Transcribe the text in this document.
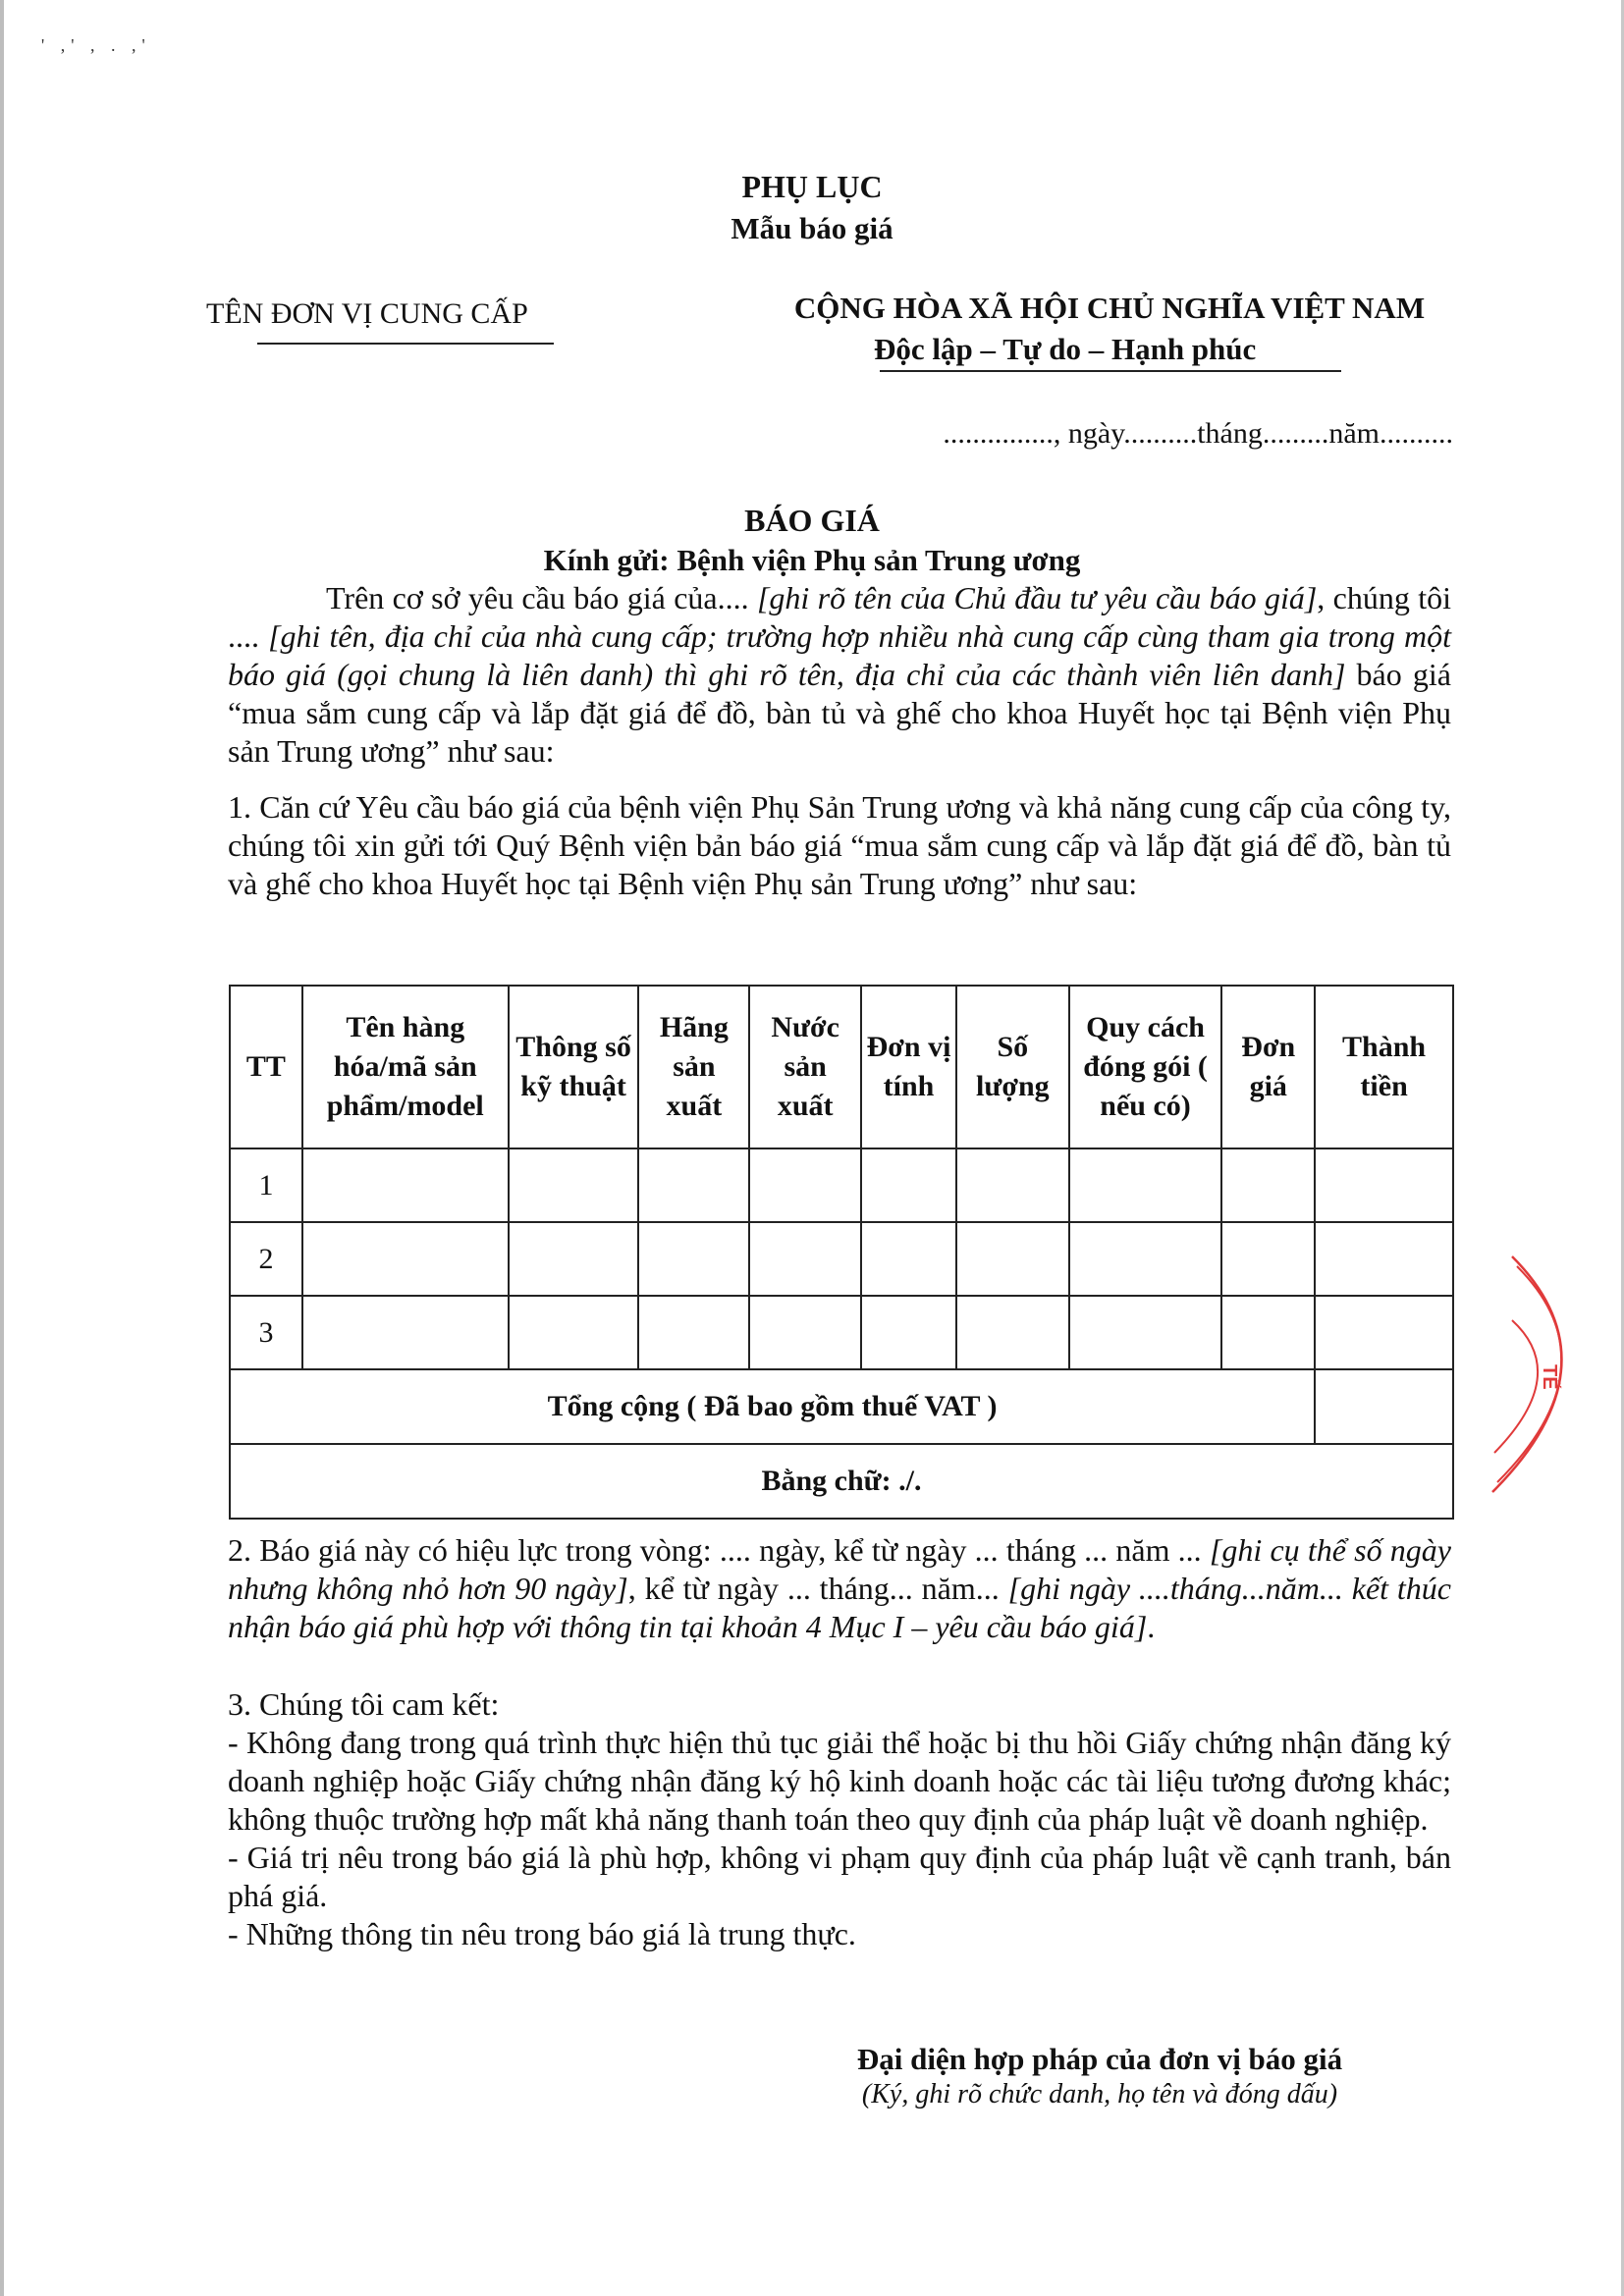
' ,' , . ,'
PHỤ LỤC
Mẫu báo giá
TÊN ĐƠN VỊ CUNG CẤP	CỘNG HÒA XÃ HỘI CHỦ NGHĨA VIỆT NAM
Độc lập – Tự do – Hạnh phúc
..............., ngày..........tháng.........năm..........
BÁO GIÁ
Kính gửi: Bệnh viện Phụ sản Trung ương
Trên cơ sở yêu cầu báo giá của.... [ghi rõ tên của Chủ đầu tư yêu cầu báo giá], chúng tôi .... [ghi tên, địa chỉ của nhà cung cấp; trường hợp nhiều nhà cung cấp cùng tham gia trong một báo giá (gọi chung là liên danh) thì ghi rõ tên, địa chỉ của các thành viên liên danh] báo giá “mua sắm cung cấp và lắp đặt giá để đồ, bàn tủ và ghế cho khoa Huyết học tại Bệnh viện Phụ sản Trung ương” như sau:
1. Căn cứ Yêu cầu báo giá của bệnh viện Phụ Sản Trung ương và khả năng cung cấp của công ty, chúng tôi xin gửi tới Quý Bệnh viện bản báo giá “mua sắm cung cấp và lắp đặt giá để đồ, bàn tủ và ghế cho khoa Huyết học tại Bệnh viện Phụ sản Trung ương” như sau:
TT	Tên hàng hóa/mã sản phẩm/model	Thông số kỹ thuật	Hãng sản xuất	Nước sản xuất	Đơn vị tính	Số lượng	Quy cách đóng gói ( nếu có)	Đơn giá	Thành tiền
1									
2									
3									
Tổng cộng ( Đã bao gồm thuế VAT )									
Bằng chữ: ./.									
2. Báo giá này có hiệu lực trong vòng: .... ngày, kể từ ngày ... tháng ... năm ... [ghi cụ thể số ngày nhưng không nhỏ hơn 90 ngày], kể từ ngày ... tháng... năm... [ghi ngày ....tháng...năm... kết thúc nhận báo giá phù hợp với thông tin tại khoản 4 Mục I – yêu cầu báo giá].
3. Chúng tôi cam kết:
- Không đang trong quá trình thực hiện thủ tục giải thể hoặc bị thu hồi Giấy chứng nhận đăng ký doanh nghiệp hoặc Giấy chứng nhận đăng ký hộ kinh doanh hoặc các tài liệu tương đương khác; không thuộc trường hợp mất khả năng thanh toán theo quy định của pháp luật về doanh nghiệp.
- Giá trị nêu trong báo giá là phù hợp, không vi phạm quy định của pháp luật về cạnh tranh, bán phá giá.
- Những thông tin nêu trong báo giá là trung thực.
Đại diện hợp pháp của đơn vị báo giá
(Ký, ghi rõ chức danh, họ tên và đóng dấu)
TẾ
